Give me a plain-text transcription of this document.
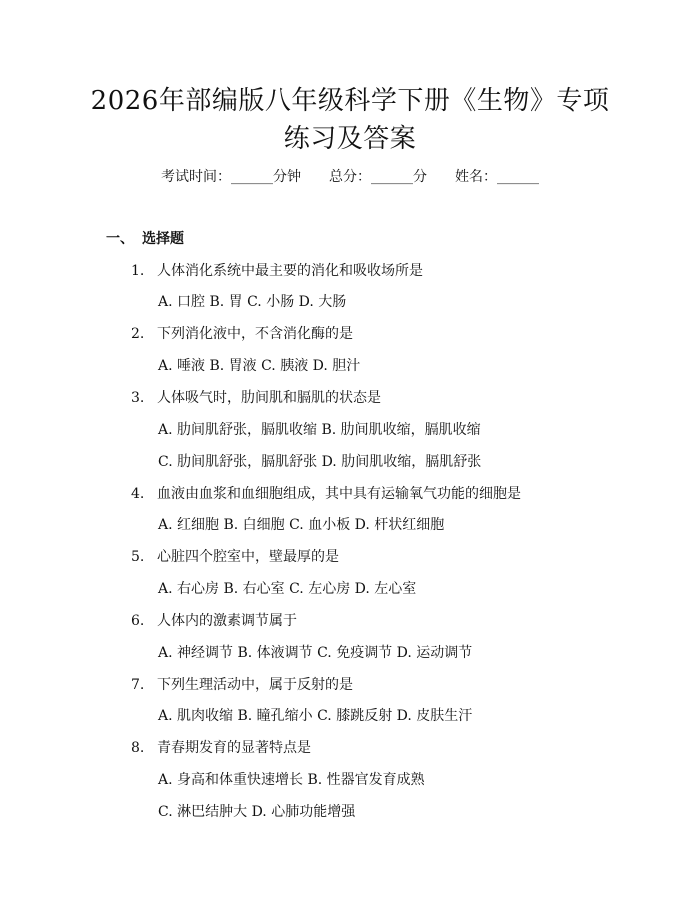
2026年部编版八年级科学下册《生物》专项
练习及答案
考试时间：______分钟 总分：______分 姓名：______
一、 选择题
1. 人体消化系统中最主要的消化和吸收场所是
A. 口腔 B. 胃 C. 小肠 D. 大肠
2. 下列消化液中，不含消化酶的是
A. 唾液 B. 胃液 C. 胰液 D. 胆汁
3. 人体吸气时，肋间肌和膈肌的状态是
A. 肋间肌舒张，膈肌收缩 B. 肋间肌收缩，膈肌收缩
C. 肋间肌舒张，膈肌舒张 D. 肋间肌收缩，膈肌舒张
4. 血液由血浆和血细胞组成，其中具有运输氧气功能的细胞是
A. 红细胞 B. 白细胞 C. 血小板 D. 杆状红细胞
5. 心脏四个腔室中，壁最厚的是
A. 右心房 B. 右心室 C. 左心房 D. 左心室
6. 人体内的激素调节属于
A. 神经调节 B. 体液调节 C. 免疫调节 D. 运动调节
7. 下列生理活动中，属于反射的是
A. 肌肉收缩 B. 瞳孔缩小 C. 膝跳反射 D. 皮肤生汗
8. 青春期发育的显著特点是
A. 身高和体重快速增长 B. 性器官发育成熟
C. 淋巴结肿大 D. 心肺功能增强
